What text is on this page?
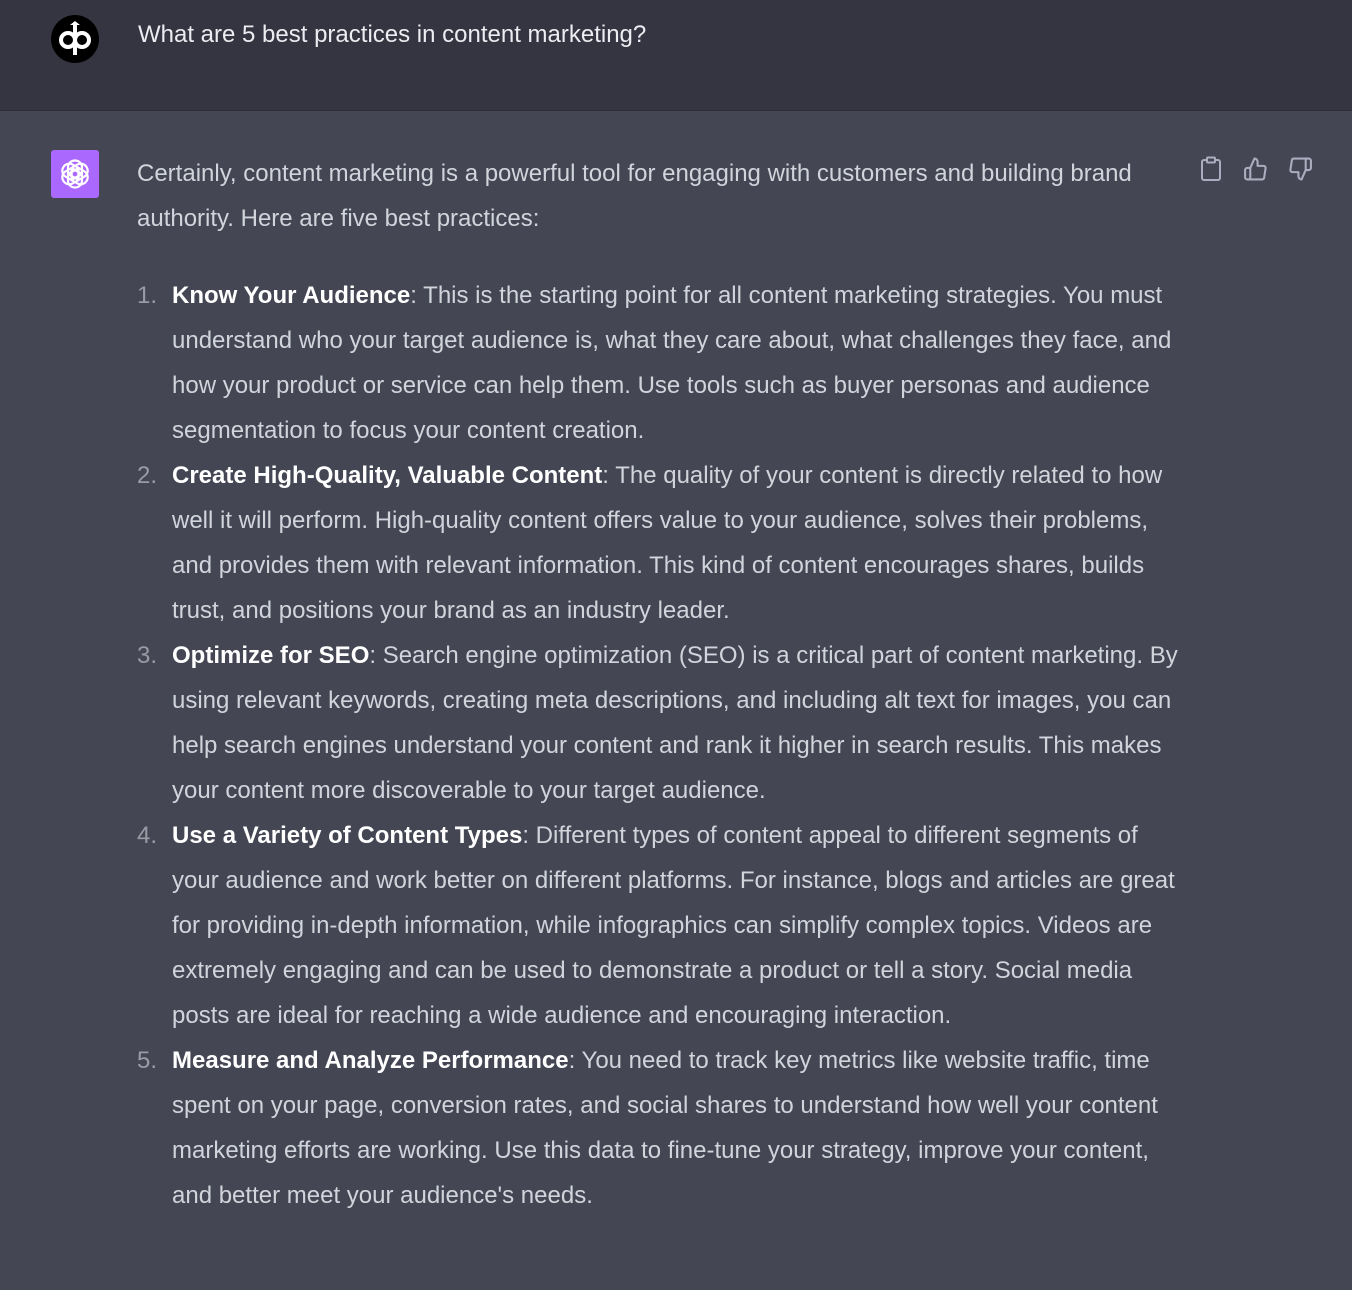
What are 5 best practices in content marketing?

Certainly, content marketing is a powerful tool for engaging with customers and building brand authority. Here are five best practices:

1. Know Your Audience: This is the starting point for all content marketing strategies. You must understand who your target audience is, what they care about, what challenges they face, and how your product or service can help them. Use tools such as buyer personas and audience segmentation to focus your content creation.
2. Create High-Quality, Valuable Content: The quality of your content is directly related to how well it will perform. High-quality content offers value to your audience, solves their problems, and provides them with relevant information. This kind of content encourages shares, builds trust, and positions your brand as an industry leader.
3. Optimize for SEO: Search engine optimization (SEO) is a critical part of content marketing. By using relevant keywords, creating meta descriptions, and including alt text for images, you can help search engines understand your content and rank it higher in search results. This makes your content more discoverable to your target audience.
4. Use a Variety of Content Types: Different types of content appeal to different segments of your audience and work better on different platforms. For instance, blogs and articles are great for providing in-depth information, while infographics can simplify complex topics. Videos are extremely engaging and can be used to demonstrate a product or tell a story. Social media posts are ideal for reaching a wide audience and encouraging interaction.
5. Measure and Analyze Performance: You need to track key metrics like website traffic, time spent on your page, conversion rates, and social shares to understand how well your content marketing efforts are working. Use this data to fine-tune your strategy, improve your content, and better meet your audience's needs.
